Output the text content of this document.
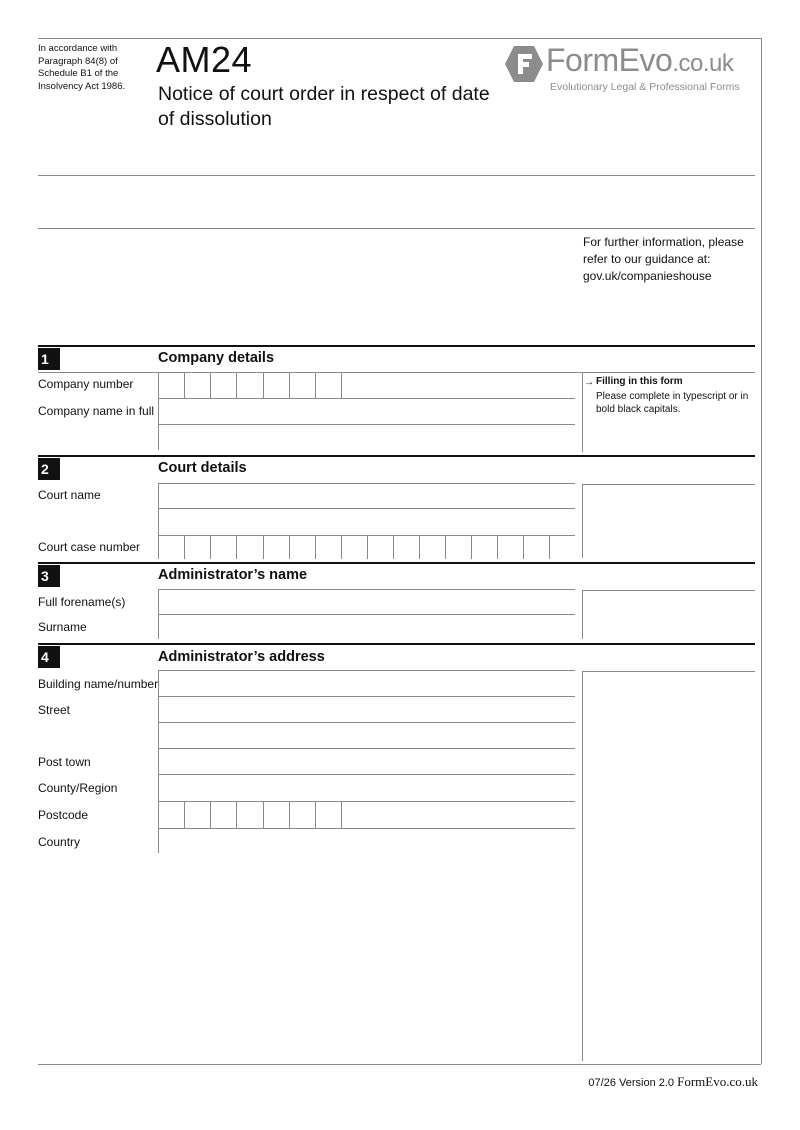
In accordance with Paragraph 84(8) of Schedule B1 of the Insolvency Act 1986.
AM24
Notice of court order in respect of date of dissolution
FormEvo.co.uk
Evolutionary Legal & Professional Forms
For further information, please refer to our guidance at: gov.uk/companieshouse
1	Company details
Company number
Company name in full
→ Filling in this form
Please complete in typescript or in bold black capitals.
2	Court details
Court name
Court case number
3	Administrator’s name
Full forename(s)
Surname
4	Administrator’s address
Building name/number
Street
Post town
County/Region
Postcode
Country
07/26 Version 2.0 FormEvo.co.uk
